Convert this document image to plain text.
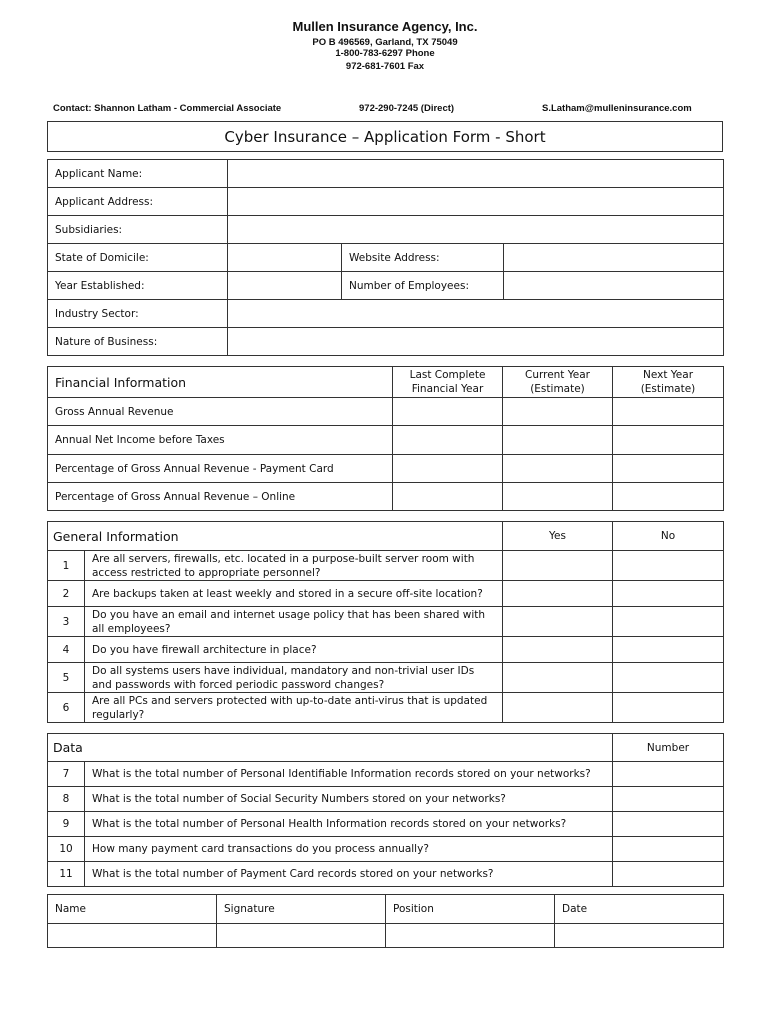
Mullen Insurance Agency, Inc.
PO B 496569, Garland, TX 75049
1-800-783-6297 Phone
972-681-7601 Fax
Contact: Shannon Latham - Commercial Associate	972-290-7245 (Direct)	S.Latham@mulleninsurance.com
Cyber Insurance – Application Form - Short
Applicant Name:			
Applicant Address:			
Subsidiaries:			
State of Domicile:		Website Address:	
Year Established:		Number of Employees:	
Industry Sector:			
Nature of Business:			
Financial Information	Last Complete Financial Year	Current Year (Estimate)	Next Year (Estimate)
Gross Annual Revenue			
Annual Net Income before Taxes			
Percentage of Gross Annual Revenue - Payment Card			
Percentage of Gross Annual Revenue – Online			
General Information		Yes	No
1	Are all servers, firewalls, etc. located in a purpose-built server room with access restricted to appropriate personnel?		
2	Are backups taken at least weekly and stored in a secure off-site location?		
3	Do you have an email and internet usage policy that has been shared with all employees?		
4	Do you have firewall architecture in place?		
5	Do all systems users have individual, mandatory and non-trivial user IDs and passwords with forced periodic password changes?		
6	Are all PCs and servers protected with up-to-date anti-virus that is updated regularly?		
Data		Number
7	What is the total number of Personal Identifiable Information records stored on your networks?	
8	What is the total number of Social Security Numbers stored on your networks?	
9	What is the total number of Personal Health Information records stored on your networks?	
10	How many payment card transactions do you process annually?	
11	What is the total number of Payment Card records stored on your networks?	
Name	Signature	Position	Date
